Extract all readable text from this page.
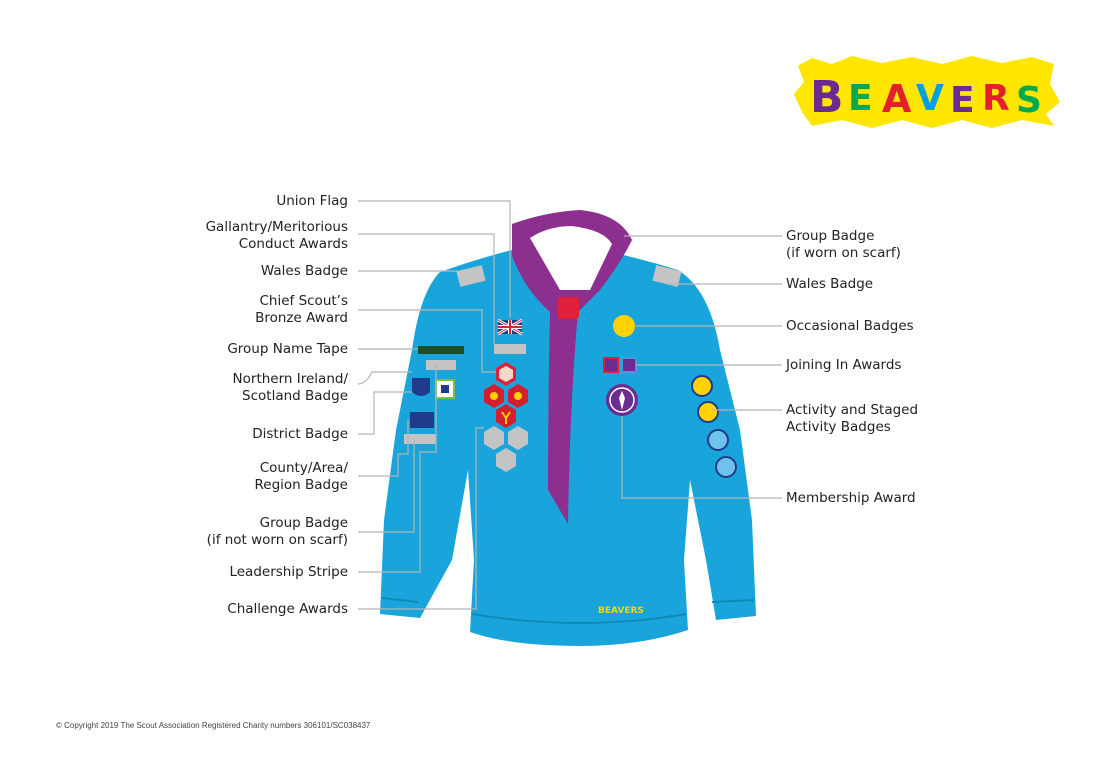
B E A V E R S
BEAVERS
Union Flag
Gallantry/Meritorious
Conduct Awards
Wales Badge
Chief Scout’s
Bronze Award
Group Name Tape
Northern Ireland/
Scotland Badge
District Badge
County/Area/
Region Badge
Group Badge
(if not worn on scarf)
Leadership Stripe
Challenge Awards
Group Badge
(if worn on scarf)
Wales Badge
Occasional Badges
Joining In Awards
Activity and Staged
Activity Badges
Membership Award
© Copyright 2019 The Scout Association Registered Charity numbers 306101/SC038437
